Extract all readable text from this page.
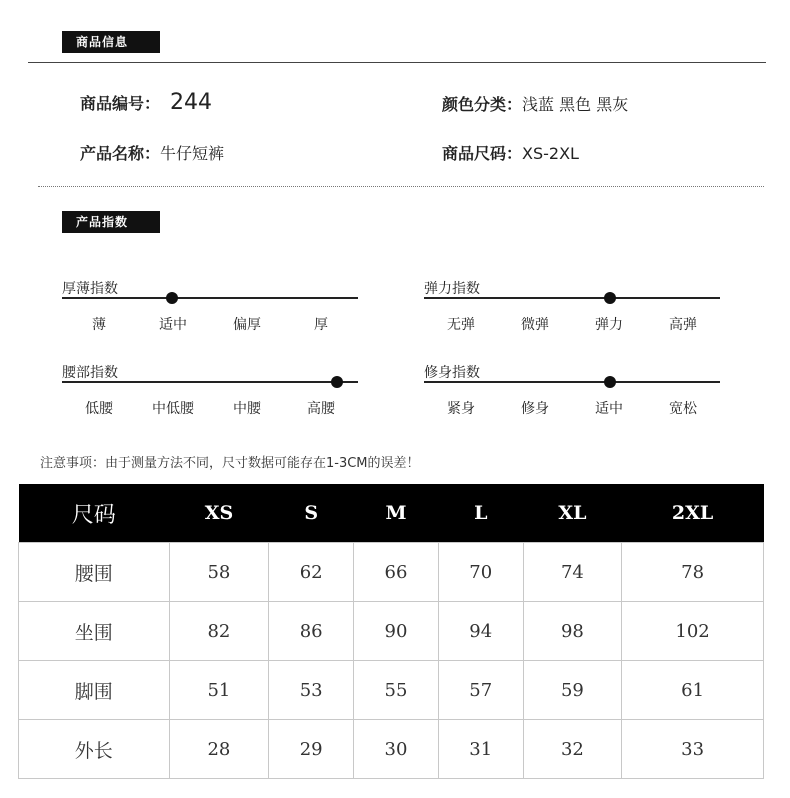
商品信息
商品编号： 244	颜色分类：浅蓝 黑色 黑灰
产品名称：牛仔短裤	商品尺码：XS-2XL
产品指数
厚薄指数
薄	适中	偏厚	厚
弹力指数
无弹	微弹	弹力	高弹
腰部指数
低腰	中低腰	中腰	高腰
修身指数
紧身	修身	适中	宽松
注意事项：由于测量方法不同，尺寸数据可能存在1-3CM的误差！
尺码	XS	S	M	L	XL	2XL
腰围	58	62	66	70	74	78
坐围	82	86	90	94	98	102
脚围	51	53	55	57	59	61
外长	28	29	30	31	32	33
